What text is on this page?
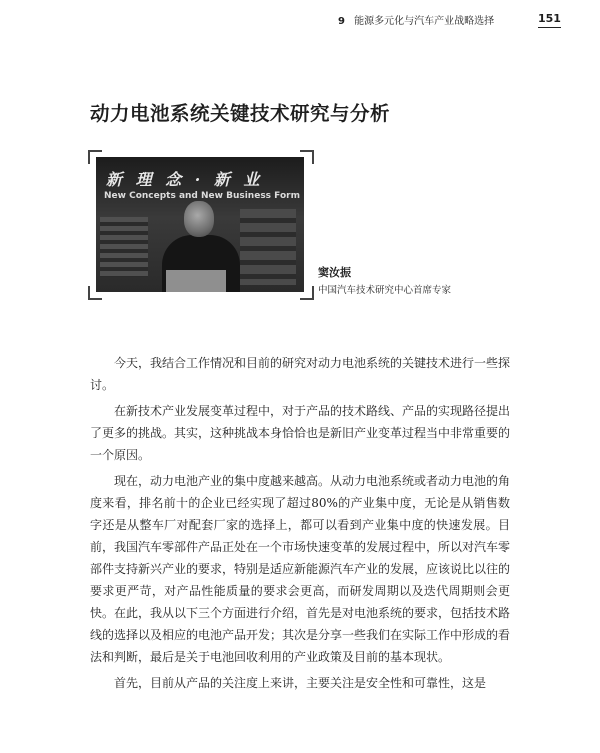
9 能源多元化与汽车产业战略选择	151
动力电池系统关键技术研究与分析
新 理 念 · 新 业
New Concepts and New Business Form
窦汝振
中国汽车技术研究中心首席专家

今天，我结合工作情况和目前的研究对动力电池系统的关键技术进行一些探讨。

在新技术产业发展变革过程中，对于产品的技术路线、产品的实现路径提出了更多的挑战。其实，这种挑战本身恰恰也是新旧产业变革过程当中非常重要的一个原因。

现在，动力电池产业的集中度越来越高。从动力电池系统或者动力电池的角度来看，排名前十的企业已经实现了超过80%的产业集中度，无论是从销售数字还是从整车厂对配套厂家的选择上，都可以看到产业集中度的快速发展。目前，我国汽车零部件产品正处在一个市场快速变革的发展过程中，所以对汽车零部件支持新兴产业的要求，特别是适应新能源汽车产业的发展，应该说比以往的要求更严苛，对产品性能质量的要求会更高，而研发周期以及迭代周期则会更快。在此，我从以下三个方面进行介绍，首先是对电池系统的要求，包括技术路线的选择以及相应的电池产品开发；其次是分享一些我们在实际工作中形成的看法和判断，最后是关于电池回收利用的产业政策及目前的基本现状。

首先，目前从产品的关注度上来讲，主要关注是安全性和可靠性，这是
